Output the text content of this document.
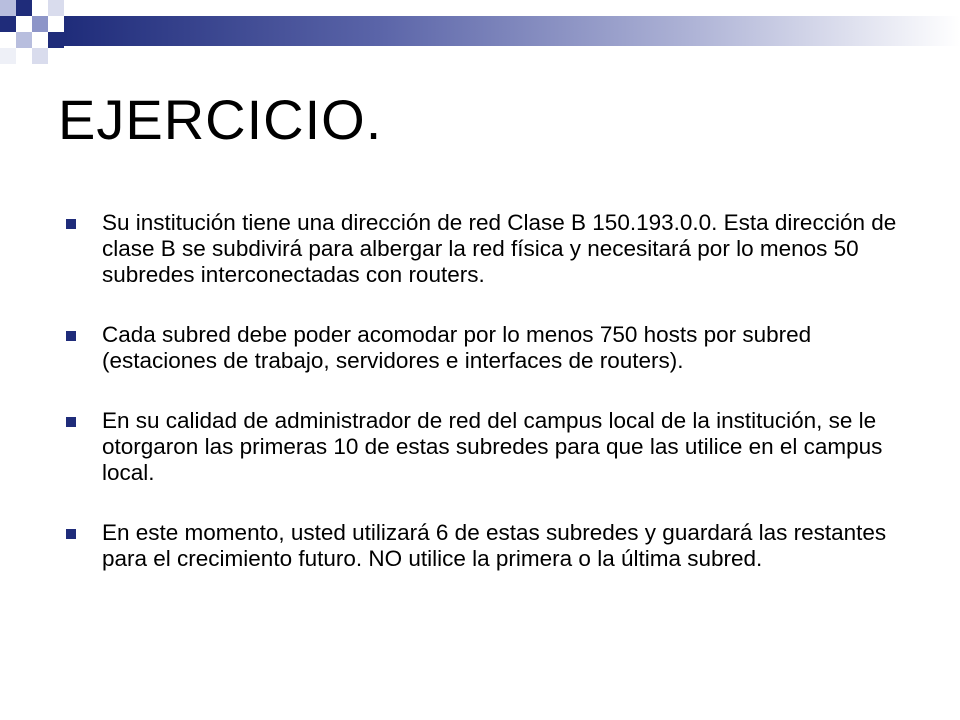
EJERCICIO.
Su institución tiene una dirección de red Clase B 150.193.0.0. Esta dirección de clase B se subdivirá para albergar la red física y necesitará por lo menos 50 subredes interconectadas con routers.
Cada subred debe poder acomodar por lo menos 750 hosts por subred (estaciones de trabajo, servidores e interfaces de routers).
En su calidad de administrador de red del campus local de la institución, se le otorgaron las primeras 10 de estas subredes para que las utilice en el campus local.
En este momento, usted utilizará 6 de estas subredes y guardará las restantes para el crecimiento futuro. NO utilice la primera o la última subred.
